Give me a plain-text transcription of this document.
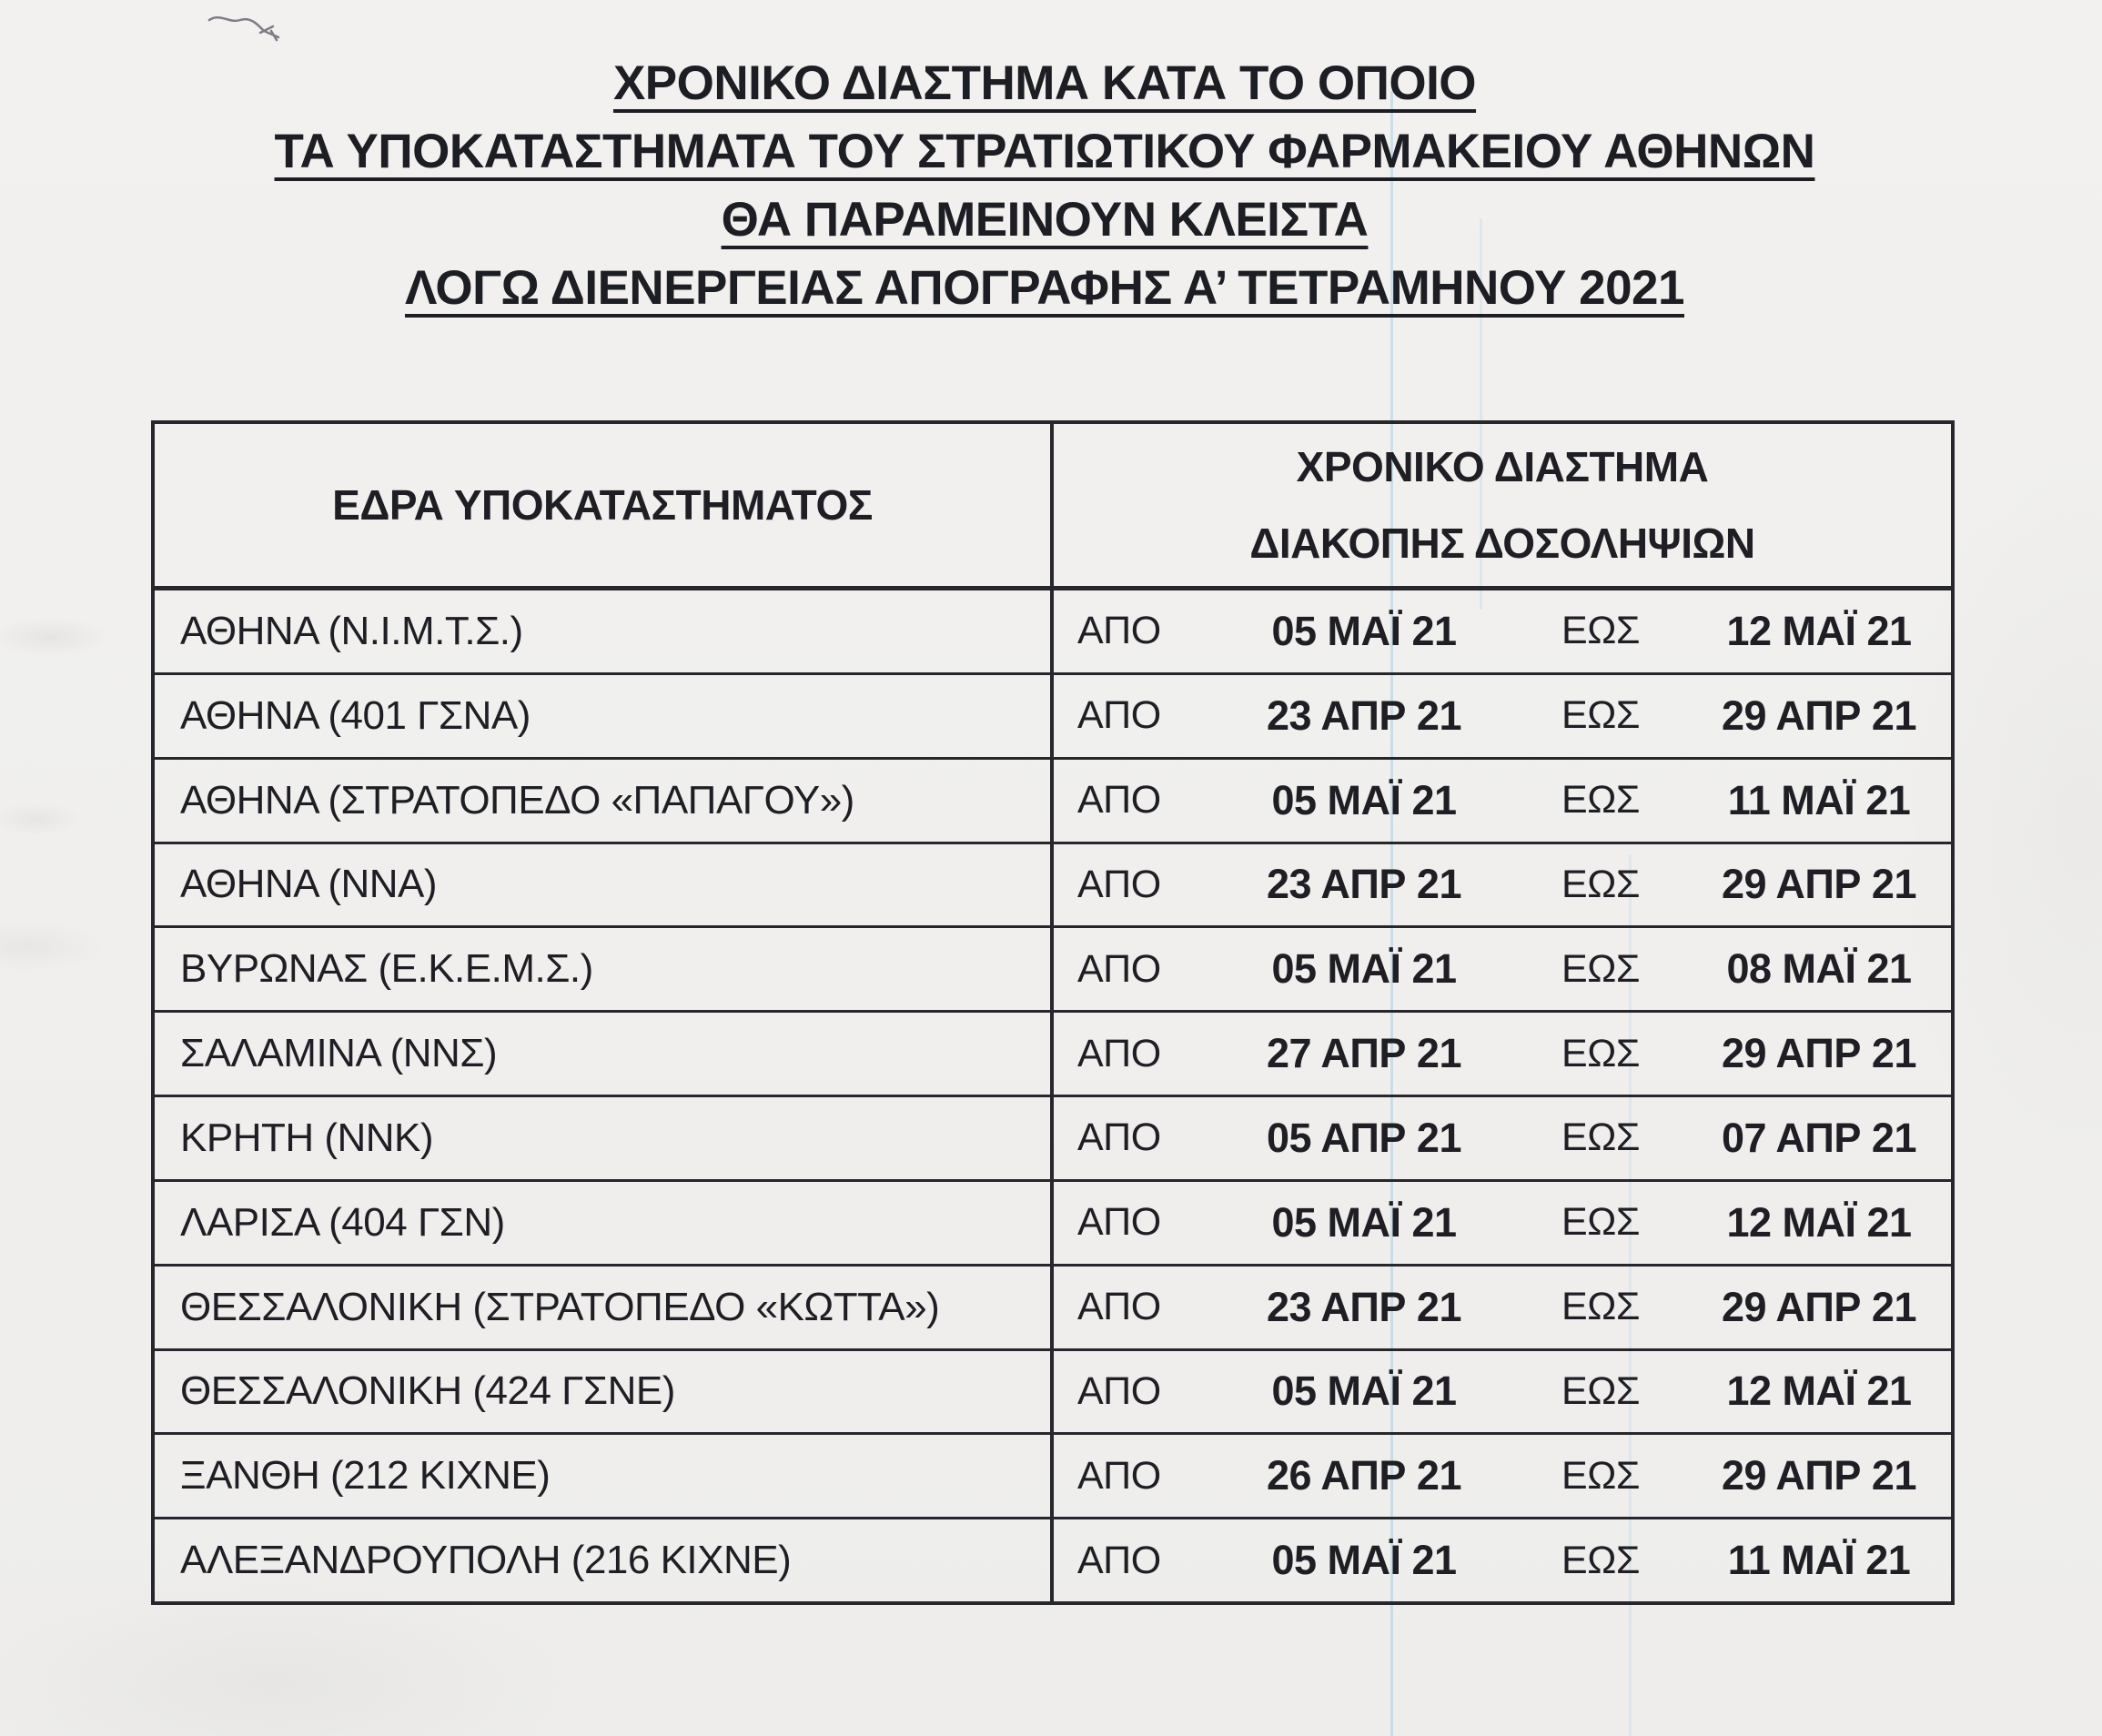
ΧΡΟΝΙΚΟ ΔΙΑΣΤΗΜΑ ΚΑΤΑ ΤΟ ΟΠΟΙΟ
ΤΑ ΥΠΟΚΑΤΑΣΤΗΜΑΤΑ ΤΟΥ ΣΤΡΑΤΙΩΤΙΚΟΥ ΦΑΡΜΑΚΕΙΟΥ ΑΘΗΝΩΝ
ΘΑ ΠΑΡΑΜΕΙΝΟΥΝ ΚΛΕΙΣΤΑ
ΛΟΓΩ ΔΙΕΝΕΡΓΕΙΑΣ ΑΠΟΓΡΑΦΗΣ Α’ ΤΕΤΡΑΜΗΝΟΥ 2021
ΕΔΡΑ ΥΠΟΚΑΤΑΣΤΗΜΑΤΟΣ
ΧΡΟΝΙΚΟ ΔΙΑΣΤΗΜΑ
ΔΙΑΚΟΠΗΣ ΔΟΣΟΛΗΨΙΩΝ
ΑΘΗΝΑ (Ν.Ι.Μ.Τ.Σ.)	ΑΠΟ	05 ΜΑΪ 21	ΕΩΣ	12 ΜΑΪ 21
ΑΘΗΝΑ (401 ΓΣΝΑ)	ΑΠΟ	23 ΑΠΡ 21	ΕΩΣ	29 ΑΠΡ 21
ΑΘΗΝΑ (ΣΤΡΑΤΟΠΕΔΟ «ΠΑΠΑΓΟΥ»)	ΑΠΟ	05 ΜΑΪ 21	ΕΩΣ	11 ΜΑΪ 21
ΑΘΗΝΑ (ΝΝΑ)	ΑΠΟ	23 ΑΠΡ 21	ΕΩΣ	29 ΑΠΡ 21
ΒΥΡΩΝΑΣ (Ε.Κ.Ε.Μ.Σ.)	ΑΠΟ	05 ΜΑΪ 21	ΕΩΣ	08 ΜΑΪ 21
ΣΑΛΑΜΙΝΑ (ΝΝΣ)	ΑΠΟ	27 ΑΠΡ 21	ΕΩΣ	29 ΑΠΡ 21
ΚΡΗΤΗ (ΝΝΚ)	ΑΠΟ	05 ΑΠΡ 21	ΕΩΣ	07 ΑΠΡ 21
ΛΑΡΙΣΑ (404 ΓΣΝ)	ΑΠΟ	05 ΜΑΪ 21	ΕΩΣ	12 ΜΑΪ 21
ΘΕΣΣΑΛΟΝΙΚΗ (ΣΤΡΑΤΟΠΕΔΟ «ΚΩΤΤΑ»)	ΑΠΟ	23 ΑΠΡ 21	ΕΩΣ	29 ΑΠΡ 21
ΘΕΣΣΑΛΟΝΙΚΗ (424 ΓΣΝΕ)	ΑΠΟ	05 ΜΑΪ 21	ΕΩΣ	12 ΜΑΪ 21
ΞΑΝΘΗ (212 ΚΙΧΝΕ)	ΑΠΟ	26 ΑΠΡ 21	ΕΩΣ	29 ΑΠΡ 21
ΑΛΕΞΑΝΔΡΟΥΠΟΛΗ (216 ΚΙΧΝΕ)	ΑΠΟ	05 ΜΑΪ 21	ΕΩΣ	11 ΜΑΪ 21
